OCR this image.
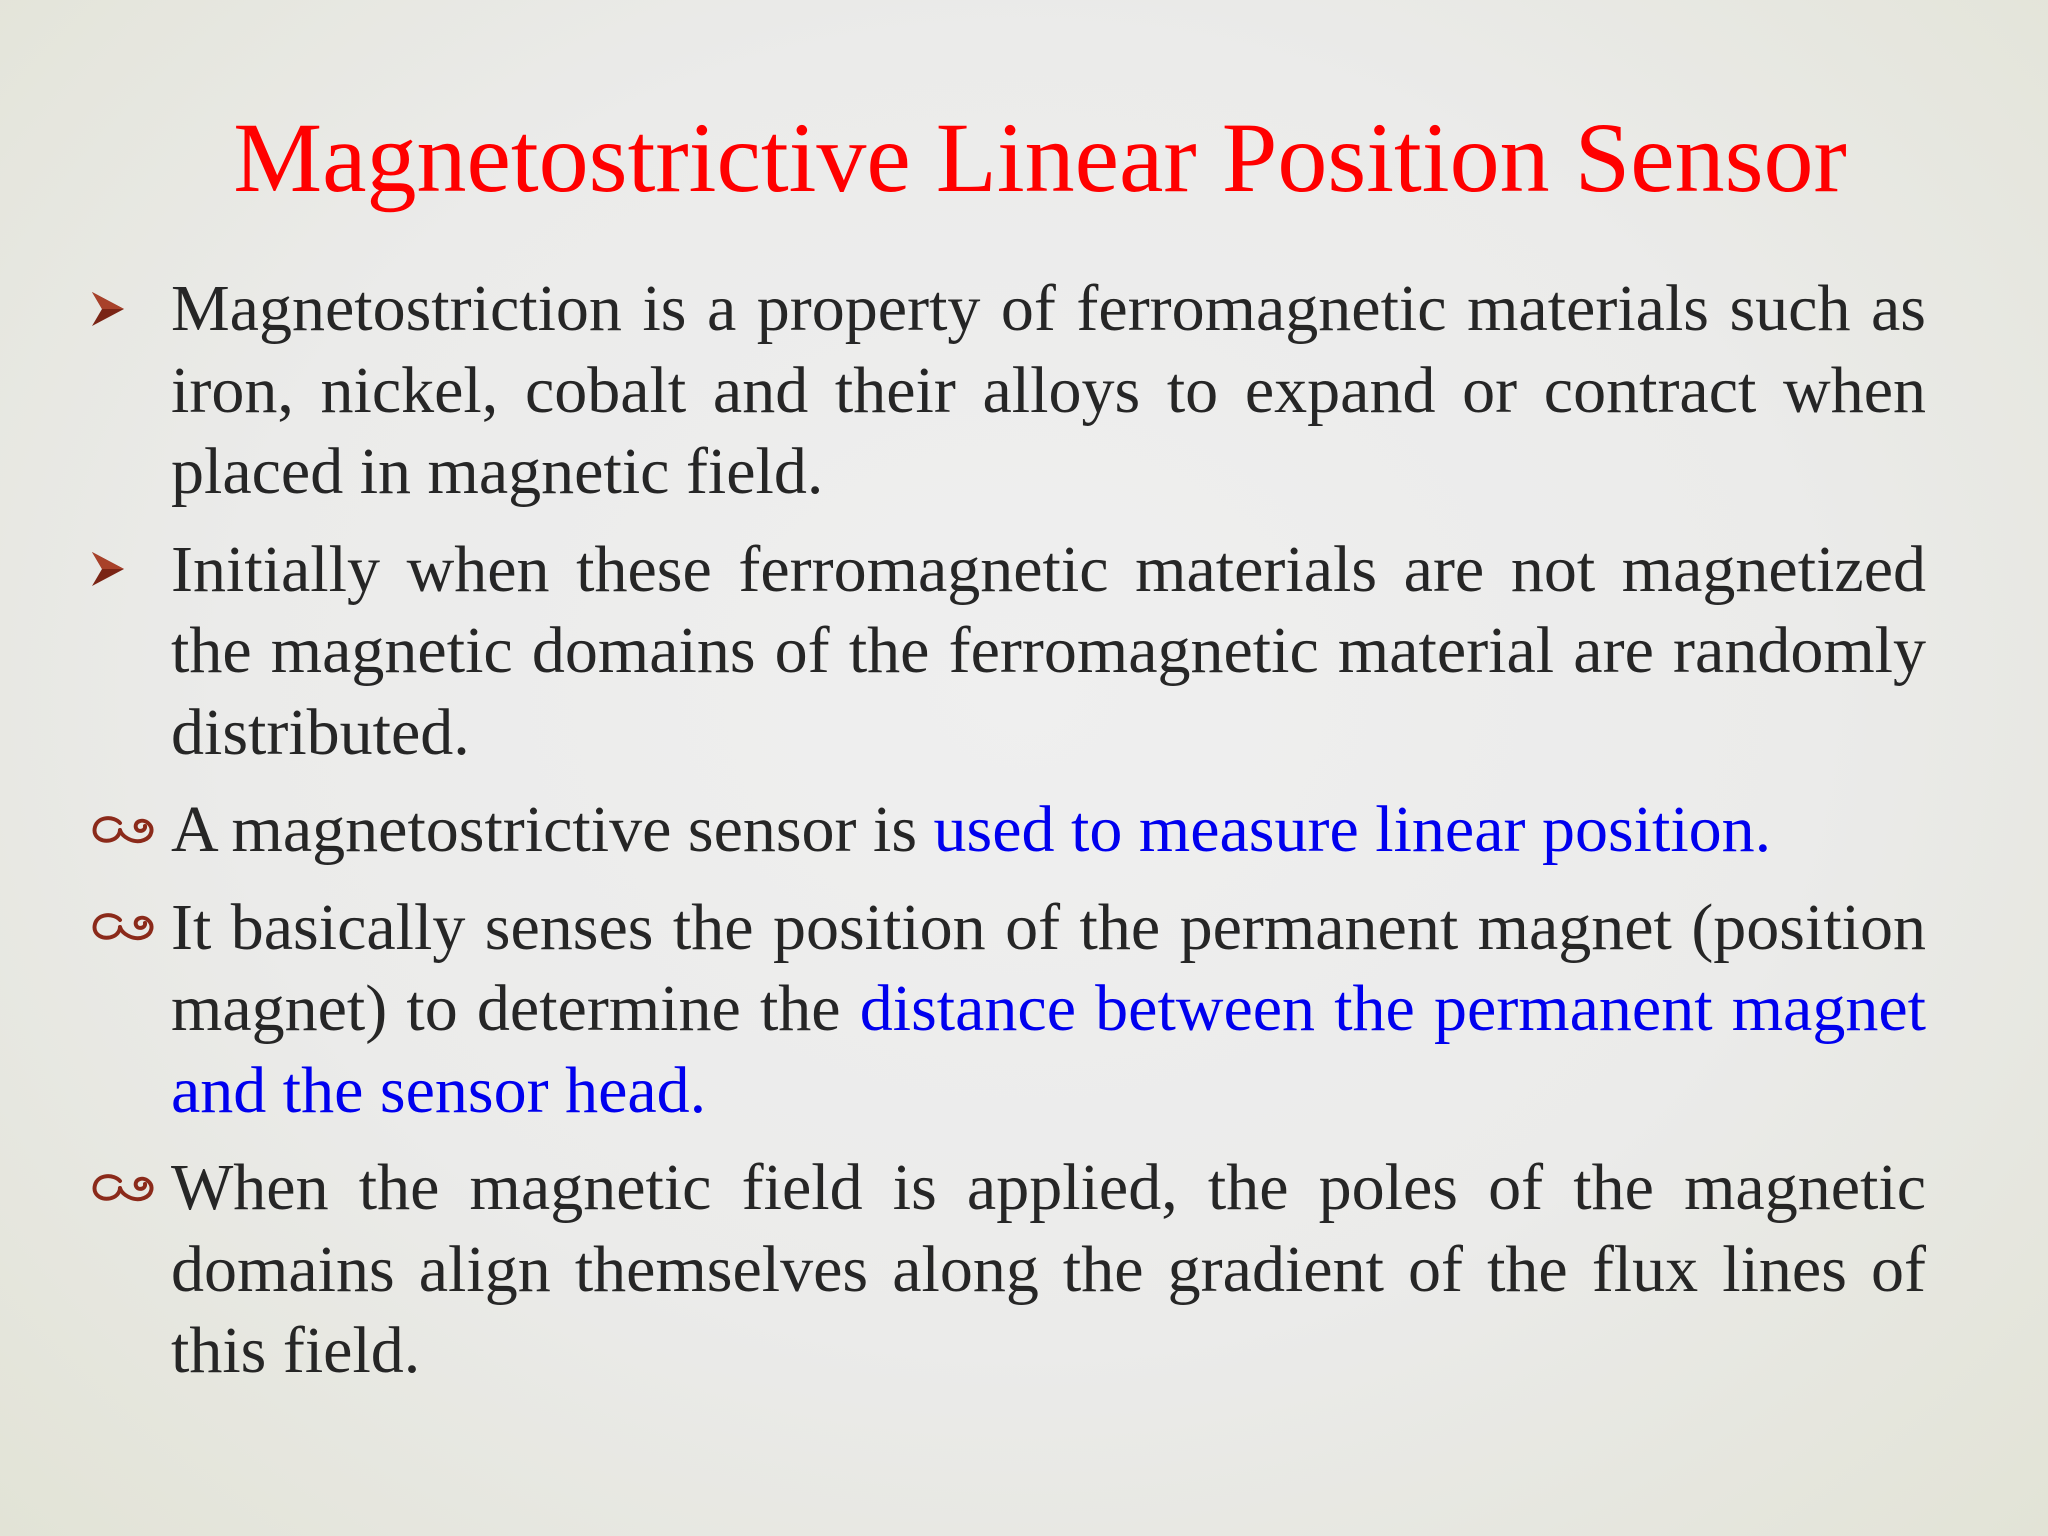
Magnetostrictive Linear Position Sensor
Magnetostriction is a property of ferromagnetic materials such as iron, nickel, cobalt and their alloys to expand or contract when placed in magnetic field.
Initially when these ferromagnetic materials are not magnetized the magnetic domains of the ferromagnetic material are randomly distributed.
A magnetostrictive sensor is used to measure linear position.
It basically senses the position of the permanent magnet (position magnet) to determine the distance between the permanent magnet and the sensor head.
When the magnetic field is applied, the poles of the magnetic domains align themselves along the gradient of the flux lines of this field.
